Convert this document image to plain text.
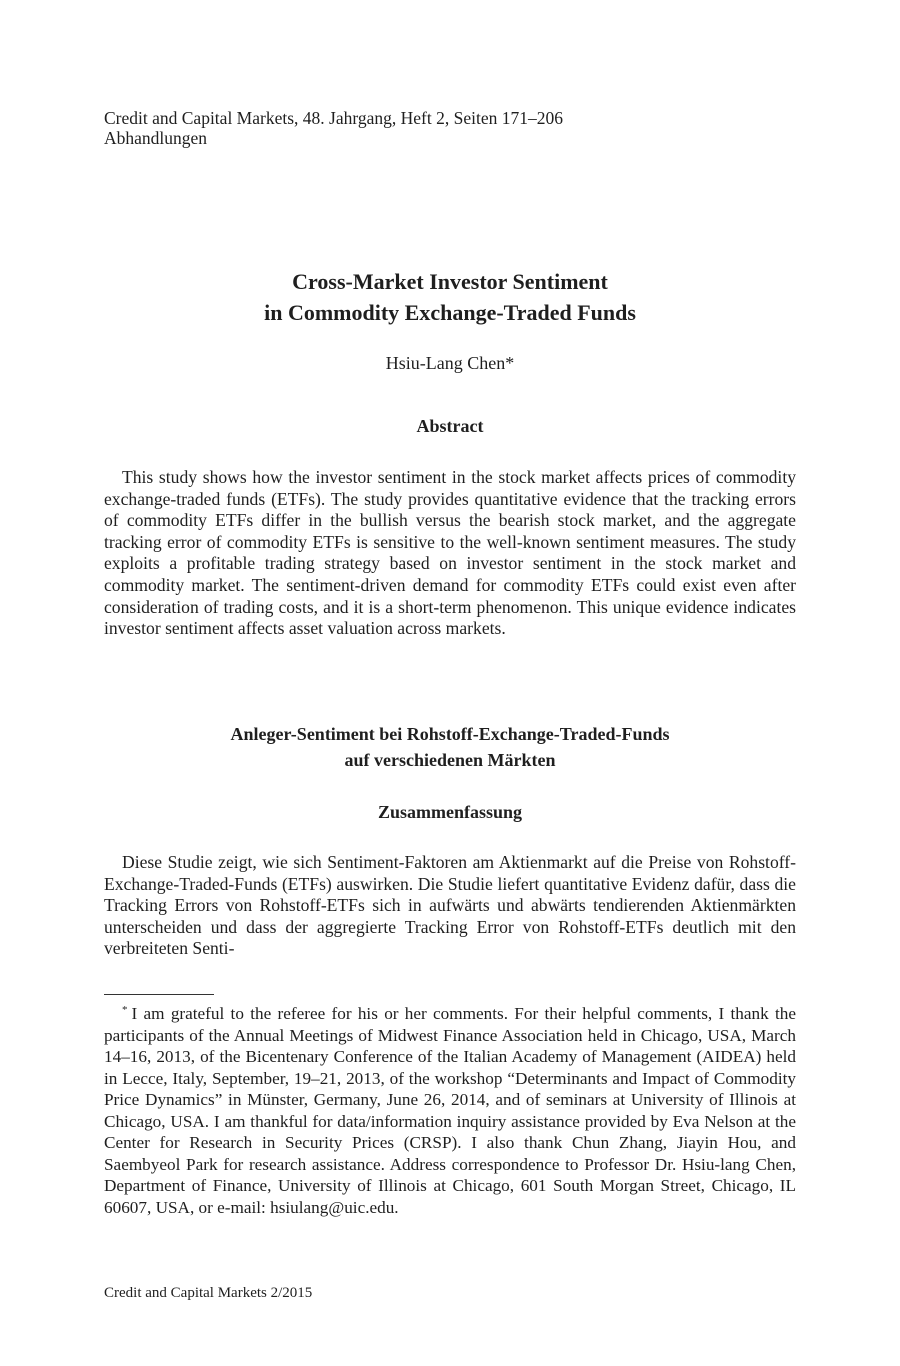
Credit and Capital Markets, 48. Jahrgang, Heft 2, Seiten 171–206
Abhandlungen
Cross-Market Investor Sentiment
in Commodity Exchange-Traded Funds
Hsiu-Lang Chen*
Abstract
This study shows how the investor sentiment in the stock market affects prices of commodity exchange-traded funds (ETFs). The study provides quantitative evidence that the tracking errors of commodity ETFs differ in the bullish versus the bearish stock market, and the aggregate tracking error of commodity ETFs is sensitive to the well-known sentiment measures. The study exploits a profitable trading strategy based on investor sentiment in the stock market and commodity market. The sentiment-driven demand for commodity ETFs could exist even after consideration of trading costs, and it is a short-term phenomenon. This unique evidence indicates investor sentiment affects asset valuation across markets.
Anleger-Sentiment bei Rohstoff-Exchange-Traded-Funds
auf verschiedenen Märkten
Zusammenfassung
Diese Studie zeigt, wie sich Sentiment-Faktoren am Aktienmarkt auf die Preise von Rohstoff-Exchange-Traded-Funds (ETFs) auswirken. Die Studie liefert quantitative Evidenz dafür, dass die Tracking Errors von Rohstoff-ETFs sich in aufwärts und abwärts tendierenden Aktienmärkten unterscheiden und dass der aggregierte Tracking Error von Rohstoff-ETFs deutlich mit den verbreiteten Senti-
* I am grateful to the referee for his or her comments. For their helpful comments, I thank the participants of the Annual Meetings of Midwest Finance Association held in Chicago, USA, March 14–16, 2013, of the Bicentenary Conference of the Italian Academy of Management (AIDEA) held in Lecce, Italy, September, 19–21, 2013, of the workshop “Determinants and Impact of Commodity Price Dynamics” in Münster, Germany, June 26, 2014, and of seminars at University of Illinois at Chicago, USA. I am thankful for data/information inquiry assistance provided by Eva Nelson at the Center for Research in Security Prices (CRSP). I also thank Chun Zhang, Jiayin Hou, and Saembyeol Park for research assistance. Address correspondence to Professor Dr. Hsiu-lang Chen, Department of Finance, University of Illinois at Chicago, 601 South Morgan Street, Chicago, IL 60607, USA, or e-mail: hsiulang@uic.edu.
Credit and Capital Markets 2/2015
